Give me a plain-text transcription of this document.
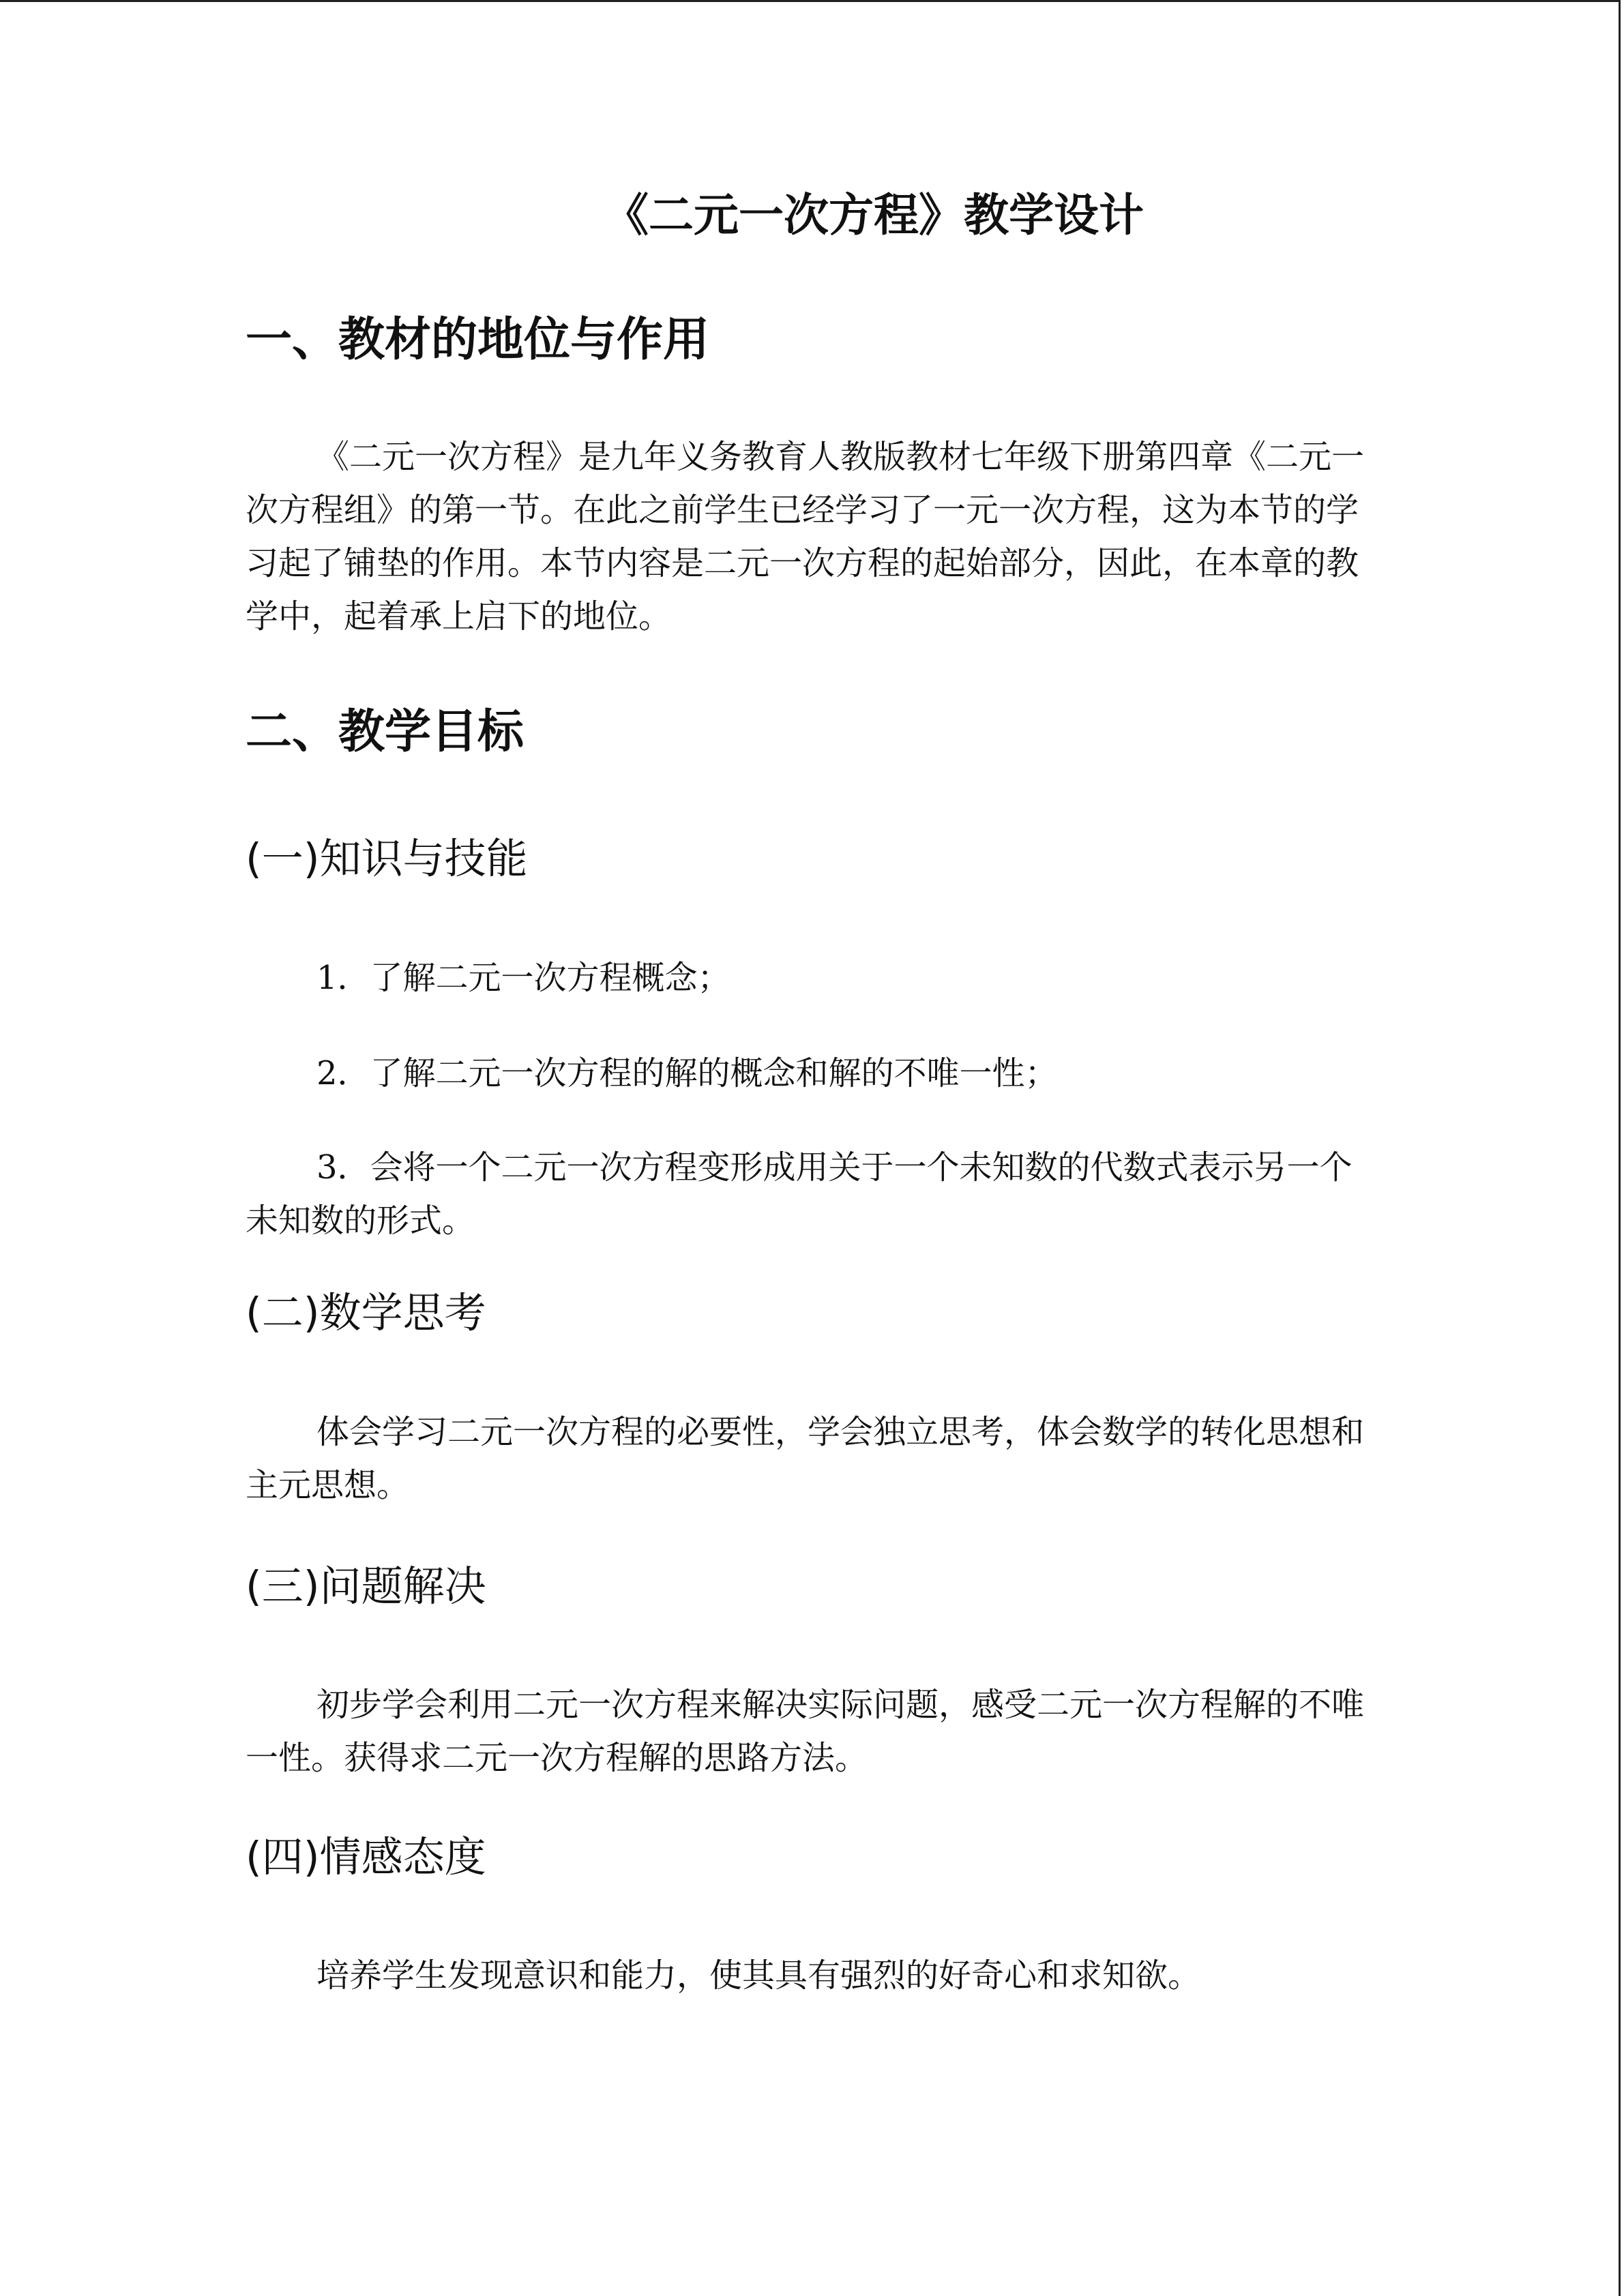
《二元一次方程》教学设计
一、教材的地位与作用

《二元一次方程》是九年义务教育人教版教材七年级下册第四章《二元一次方程组》的第一节。在此之前学生已经学习了一元一次方程，这为本节的学习起了铺垫的作用。本节内容是二元一次方程的起始部分，因此，在本章的教学中，起着承上启下的地位。

二、教学目标
(一)知识与技能

1．了解二元一次方程概念；

2．了解二元一次方程的解的概念和解的不唯一性；

3．会将一个二元一次方程变形成用关于一个未知数的代数式表示另一个未知数的形式。

(二)数学思考

体会学习二元一次方程的必要性，学会独立思考，体会数学的转化思想和主元思想。

(三)问题解决

初步学会利用二元一次方程来解决实际问题，感受二元一次方程解的不唯一性。获得求二元一次方程解的思路方法。

(四)情感态度

培养学生发现意识和能力，使其具有强烈的好奇心和求知欲。
